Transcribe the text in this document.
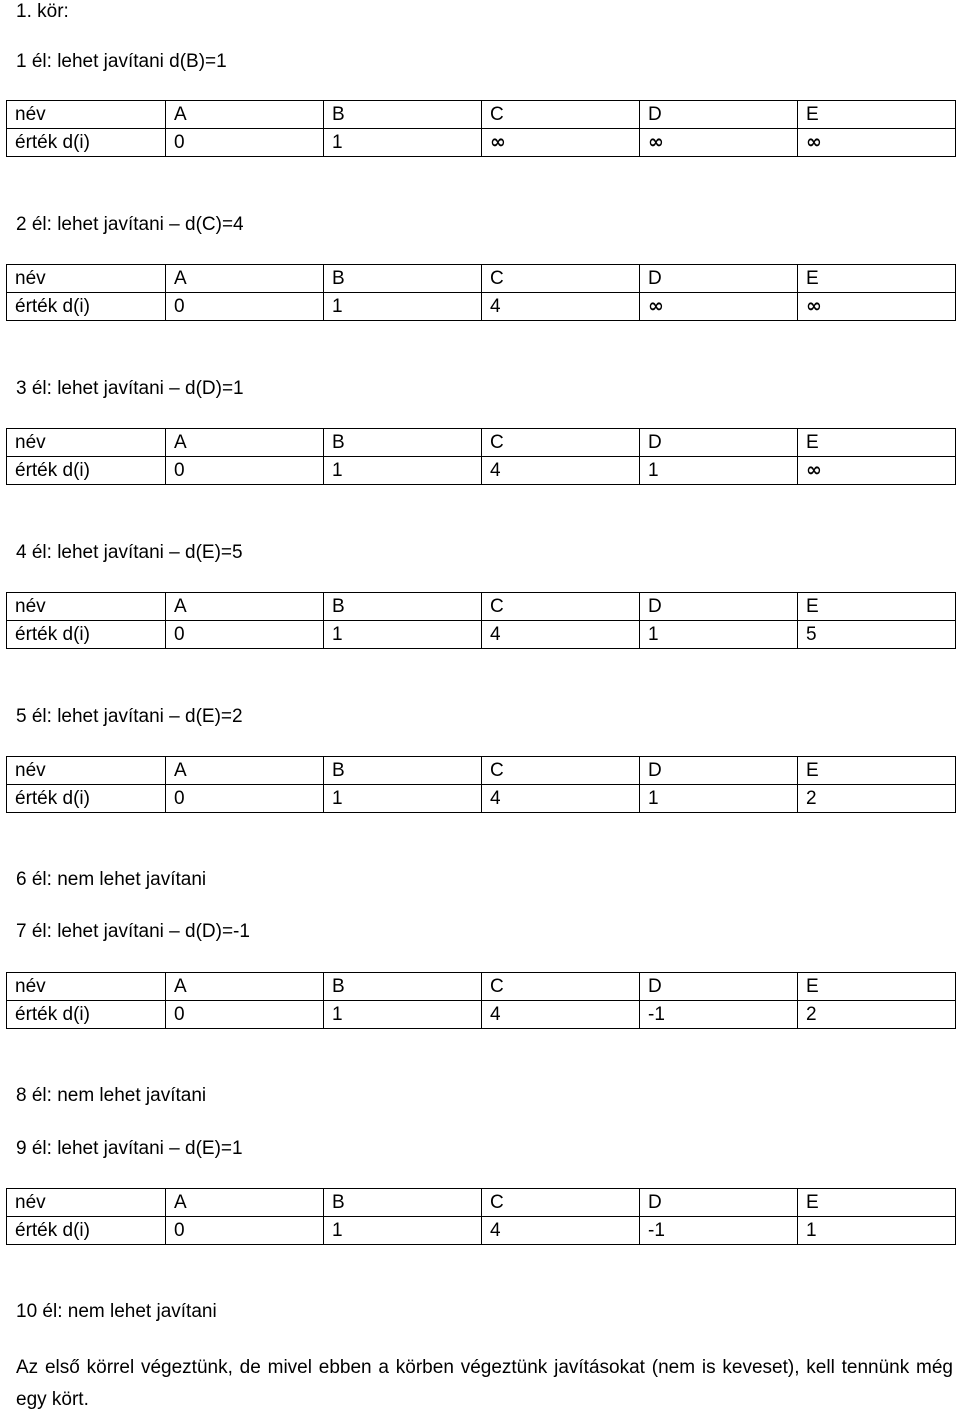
1. kör:
1 él: lehet javítani d(B)=1
név	A	B	C	D	E
érték d(i)	0	1	∞	∞	∞
2 él: lehet javítani – d(C)=4
név	A	B	C	D	E
érték d(i)	0	1	4	∞	∞
3 él: lehet javítani – d(D)=1
név	A	B	C	D	E
érték d(i)	0	1	4	1	∞
4 él: lehet javítani – d(E)=5
név	A	B	C	D	E
érték d(i)	0	1	4	1	5
5 él: lehet javítani – d(E)=2
név	A	B	C	D	E
érték d(i)	0	1	4	1	2
6 él: nem lehet javítani
7 él: lehet javítani – d(D)=-1
név	A	B	C	D	E
érték d(i)	0	1	4	-1	2
8 él: nem lehet javítani
9 él: lehet javítani – d(E)=1
név	A	B	C	D	E
érték d(i)	0	1	4	-1	1
10 él: nem lehet javítani
Az első körrel végeztünk, de mivel ebben a körben végeztünk javításokat (nem is keveset), kell tennünk még egy kört.
